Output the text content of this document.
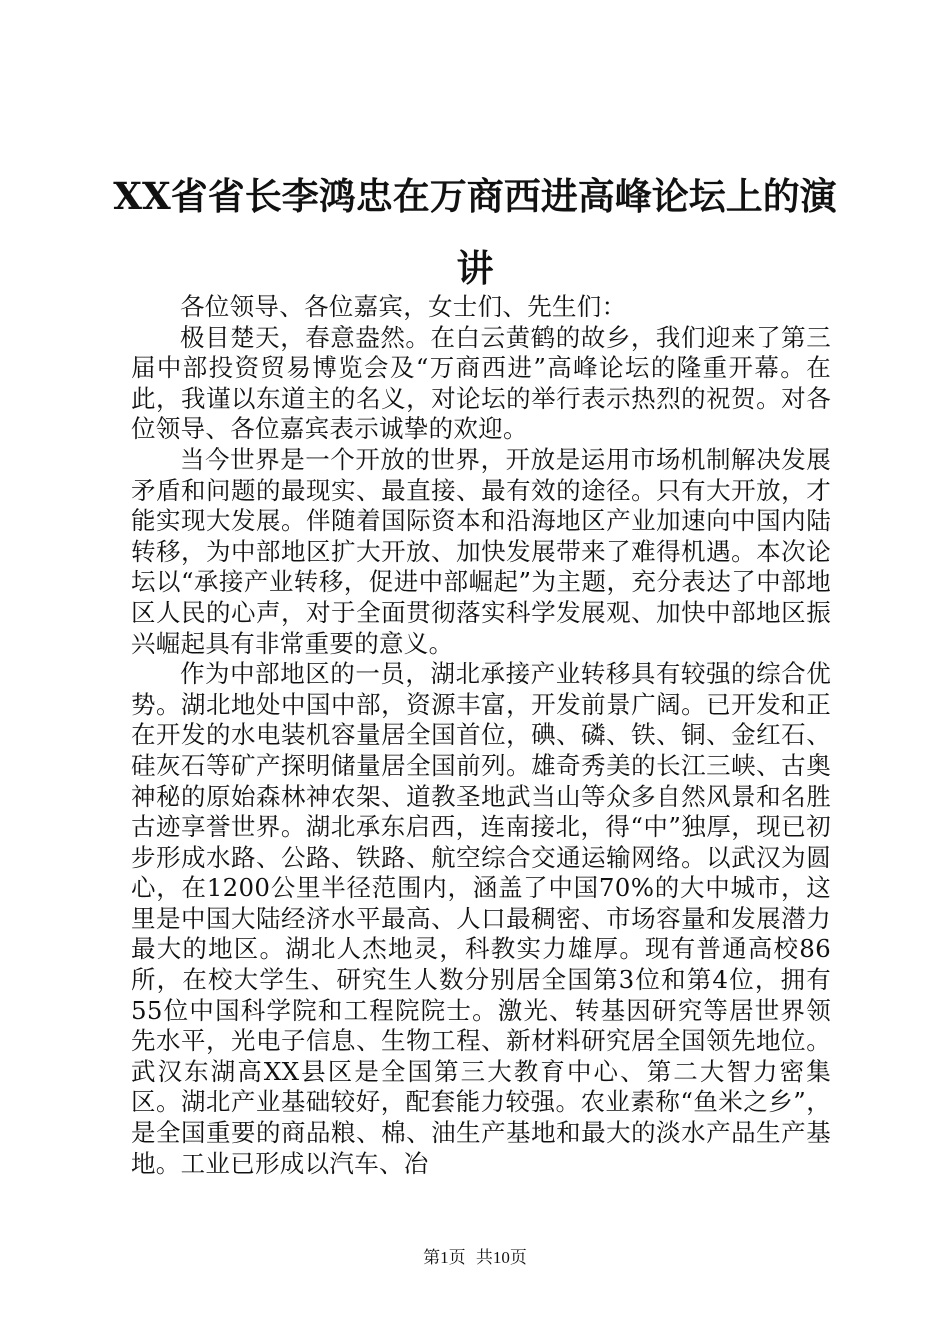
XX省省长李鸿忠在万商西进高峰论坛上的演讲

各位领导、各位嘉宾，女士们、先生们：

极目楚天，春意盎然。在白云黄鹤的故乡，我们迎来了第三届中部投资贸易博览会及“万商西进”高峰论坛的隆重开幕。在此，我谨以东道主的名义，对论坛的举行表示热烈的祝贺。对各位领导、各位嘉宾表示诚挚的欢迎。

当今世界是一个开放的世界，开放是运用市场机制解决发展矛盾和问题的最现实、最直接、最有效的途径。只有大开放，才能实现大发展。伴随着国际资本和沿海地区产业加速向中国内陆转移，为中部地区扩大开放、加快发展带来了难得机遇。本次论坛以“承接产业转移，促进中部崛起”为主题，充分表达了中部地区人民的心声，对于全面贯彻落实科学发展观、加快中部地区振兴崛起具有非常重要的意义。

作为中部地区的一员，湖北承接产业转移具有较强的综合优势。湖北地处中国中部，资源丰富，开发前景广阔。已开发和正在开发的水电装机容量居全国首位，碘、磷、铁、铜、金红石、硅灰石等矿产探明储量居全国前列。雄奇秀美的长江三峡、古奥神秘的原始森林神农架、道教圣地武当山等众多自然风景和名胜古迹享誉世界。湖北承东启西，连南接北，得“中”独厚，现已初步形成水路、公路、铁路、航空综合交通运输网络。以武汉为圆心，在1200公里半径范围内，涵盖了中国70%的大中城市，这里是中国大陆经济水平最高、人口最稠密、市场容量和发展潜力最大的地区。湖北人杰地灵，科教实力雄厚。现有普通高校86所，在校大学生、研究生人数分别居全国第3位和第4位，拥有55位中国科学院和工程院院士。激光、转基因研究等居世界领先水平，光电子信息、生物工程、新材料研究居全国领先地位。武汉东湖高XX县区是全国第三大教育中心、第二大智力密集区。湖北产业基础较好，配套能力较强。农业素称“鱼米之乡”，是全国重要的商品粮、棉、油生产基地和最大的淡水产品生产基地。工业已形成以汽车、冶

第1页 共10页
